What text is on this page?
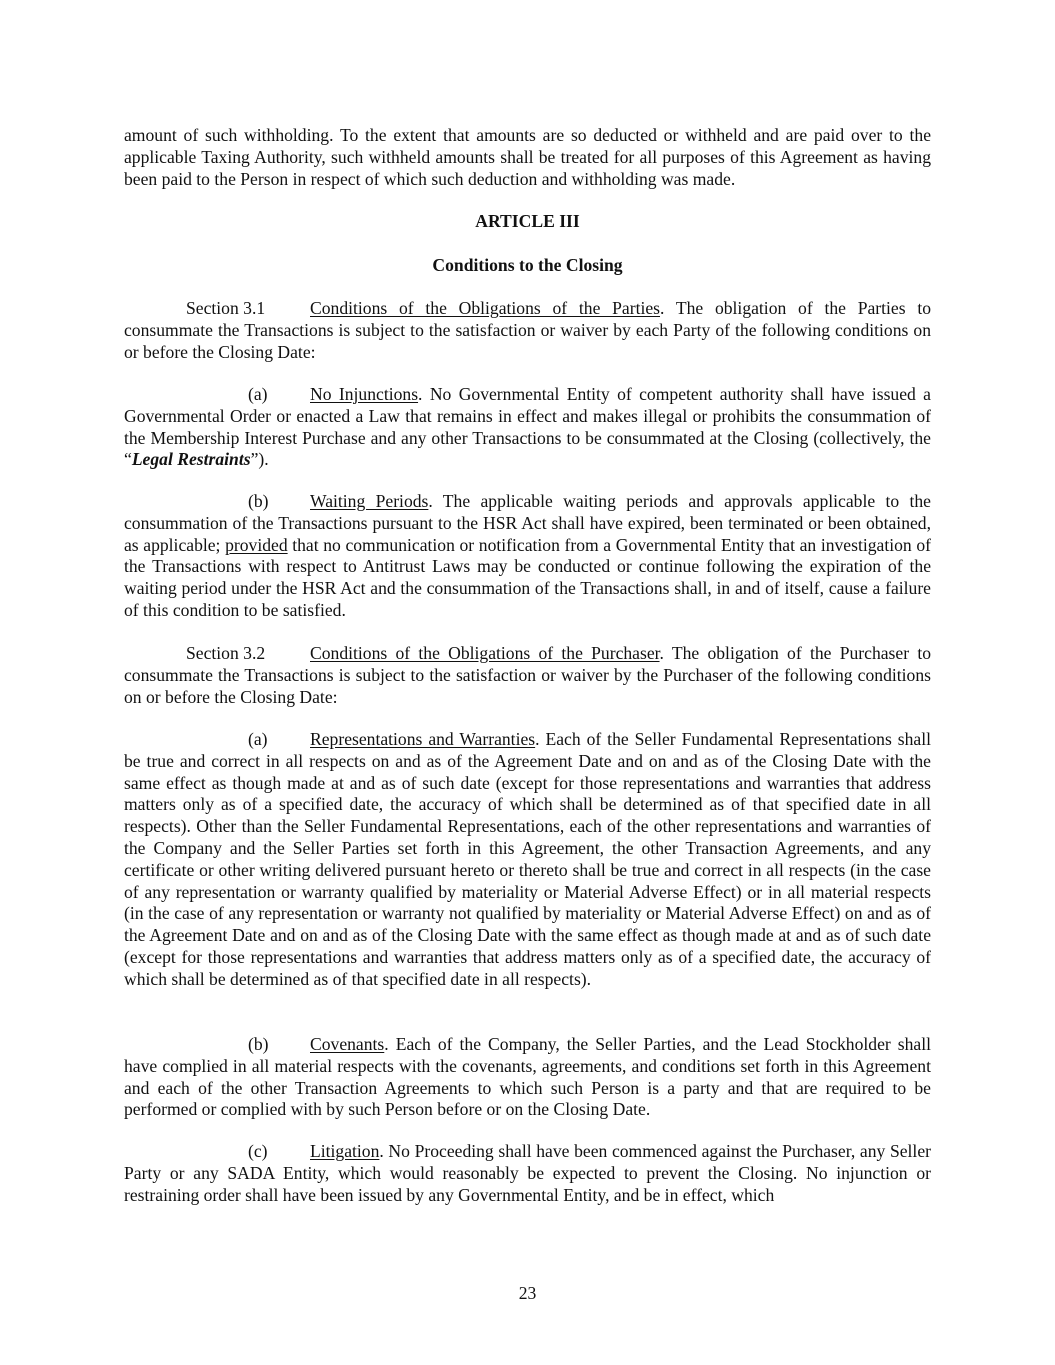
amount of such withholding. To the extent that amounts are so deducted or withheld and are paid over to the applicable Taxing Authority, such withheld amounts shall be treated for all purposes of this Agreement as having been paid to the Person in respect of which such deduction and withholding was made.

ARTICLE III

Conditions to the Closing

Section 3.1	Conditions of the Obligations of the Parties. The obligation of the Parties to consummate the Transactions is subject to the satisfaction or waiver by each Party of the following conditions on or before the Closing Date:

(a) No Injunctions. No Governmental Entity of competent authority shall have issued a Governmental Order or enacted a Law that remains in effect and makes illegal or prohibits the consummation of the Membership Interest Purchase and any other Transactions to be consummated at the Closing (collectively, the “Legal Restraints”).

(b) Waiting Periods. The applicable waiting periods and approvals applicable to the consummation of the Transactions pursuant to the HSR Act shall have expired, been terminated or been obtained, as applicable; provided that no communication or notification from a Governmental Entity that an investigation of the Transactions with respect to Antitrust Laws may be conducted or continue following the expiration of the waiting period under the HSR Act and the consummation of the Transactions shall, in and of itself, cause a failure of this condition to be satisfied.

Section 3.2	Conditions of the Obligations of the Purchaser. The obligation of the Purchaser to consummate the Transactions is subject to the satisfaction or waiver by the Purchaser of the following conditions on or before the Closing Date:

(a) Representations and Warranties. Each of the Seller Fundamental Representations shall be true and correct in all respects on and as of the Agreement Date and on and as of the Closing Date with the same effect as though made at and as of such date (except for those representations and warranties that address matters only as of a specified date, the accuracy of which shall be determined as of that specified date in all respects). Other than the Seller Fundamental Representations, each of the other representations and warranties of the Company and the Seller Parties set forth in this Agreement, the other Transaction Agreements, and any certificate or other writing delivered pursuant hereto or thereto shall be true and correct in all respects (in the case of any representation or warranty qualified by materiality or Material Adverse Effect) or in all material respects (in the case of any representation or warranty not qualified by materiality or Material Adverse Effect) on and as of the Agreement Date and on and as of the Closing Date with the same effect as though made at and as of such date (except for those representations and warranties that address matters only as of a specified date, the accuracy of which shall be determined as of that specified date in all respects).

(b) Covenants. Each of the Company, the Seller Parties, and the Lead Stockholder shall have complied in all material respects with the covenants, agreements, and conditions set forth in this Agreement and each of the other Transaction Agreements to which such Person is a party and that are required to be performed or complied with by such Person before or on the Closing Date.

(c) Litigation. No Proceeding shall have been commenced against the Purchaser, any Seller Party or any SADA Entity, which would reasonably be expected to prevent the Closing. No injunction or restraining order shall have been issued by any Governmental Entity, and be in effect, which

23
